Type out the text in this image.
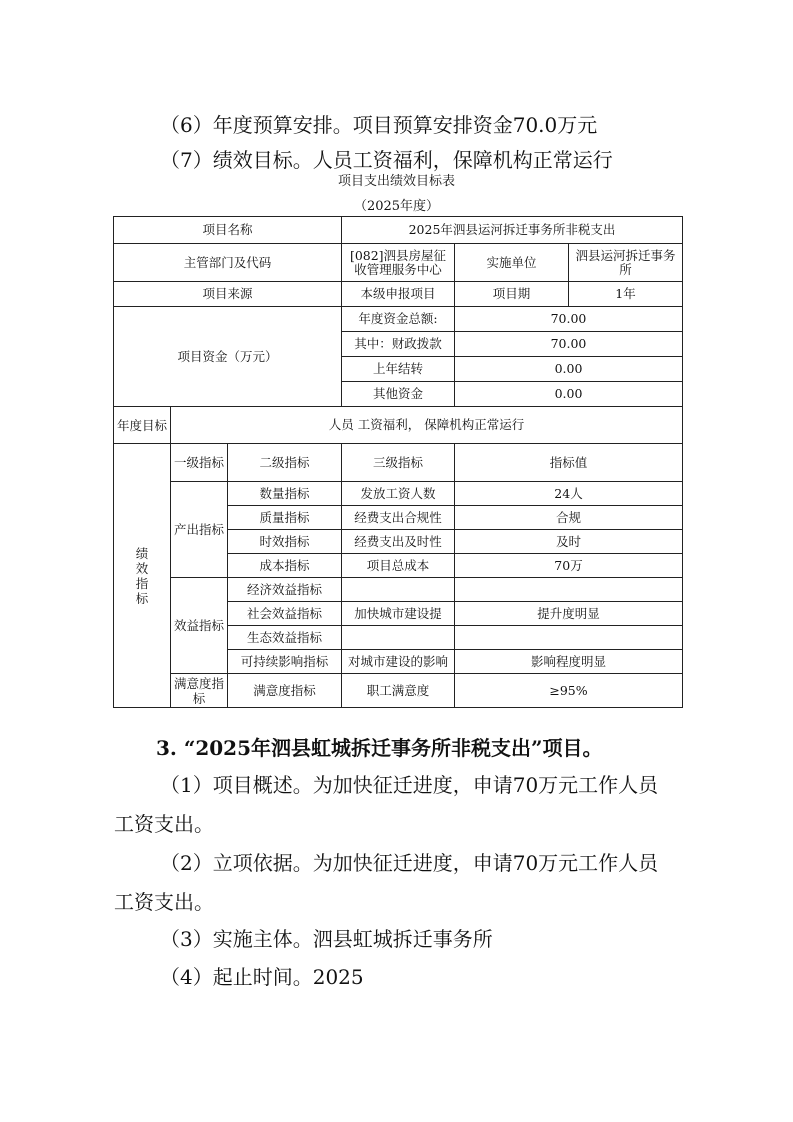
（6）年度预算安排。项目预算安排资金70.0万元
（7）绩效目标。人员工资福利，保障机构正常运行
项目支出绩效目标表
（2025年度）
项目名称			2025年泗县运河拆迁事务所非税支出		
主管部门及代码			[082]泗县房屋征收管理服务中心	实施单位	泗县运河拆迁事务所
项目来源			本级申报项目	项目期	1年
项目资金（万元）			年度资金总额:	70.00	
			其中：财政拨款	70.00	
			上年结转	0.00	
			其他资金	0.00	
年度目标	人员 工资福利， 保障机构正常运行				
绩效指标	一级指标	二级指标	三级指标	指标值	
	产出指标	数量指标	发放工资人数	24人	
		质量指标	经费支出合规性	合规	
		时效指标	经费支出及时性	及时	
		成本指标	项目总成本	70万	
	效益指标	经济效益指标			
		社会效益指标	加快城市建设提	提升度明显	
		生态效益指标			
		可持续影响指标	对城市建设的影响	影响程度明显	
	满意度指标	满意度指标	职工满意度	≥95%	
3. “2025年泗县虹城拆迁事务所非税支出”项目。
（1）项目概述。为加快征迁进度，申请70万元工作人员
工资支出。
（2）立项依据。为加快征迁进度，申请70万元工作人员
工资支出。
（3）实施主体。泗县虹城拆迁事务所
（4）起止时间。2025
